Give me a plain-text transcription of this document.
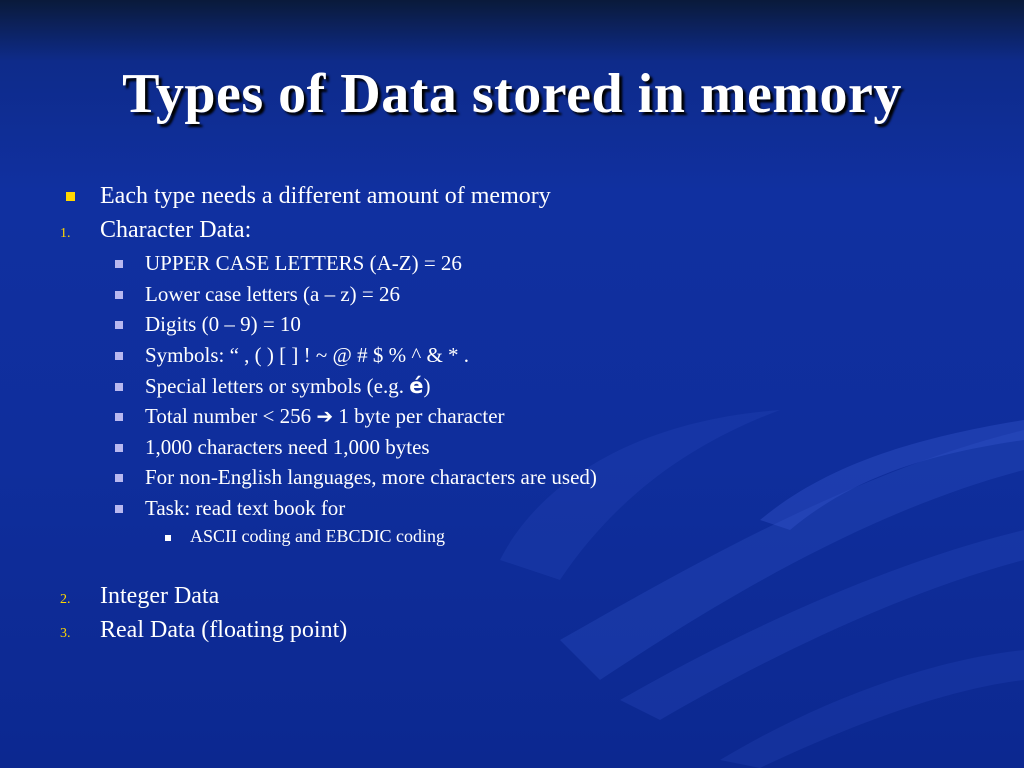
Types of Data stored in memory
Each type needs a different amount of memory
1. Character Data:
UPPER CASE LETTERS (A-Z) = 26
Lower case letters (a – z) = 26
Digits (0 – 9) = 10
Symbols: “ , ( ) [ ] ! ~ @ # $ % ^ & * .
Special letters or symbols (e.g. é)
Total number < 256 ➔ 1 byte per character
1,000 characters need 1,000 bytes
For non-English languages, more characters are used)
Task: read text book for
ASCII coding and EBCDIC coding
2. Integer Data
3. Real Data (floating point)
